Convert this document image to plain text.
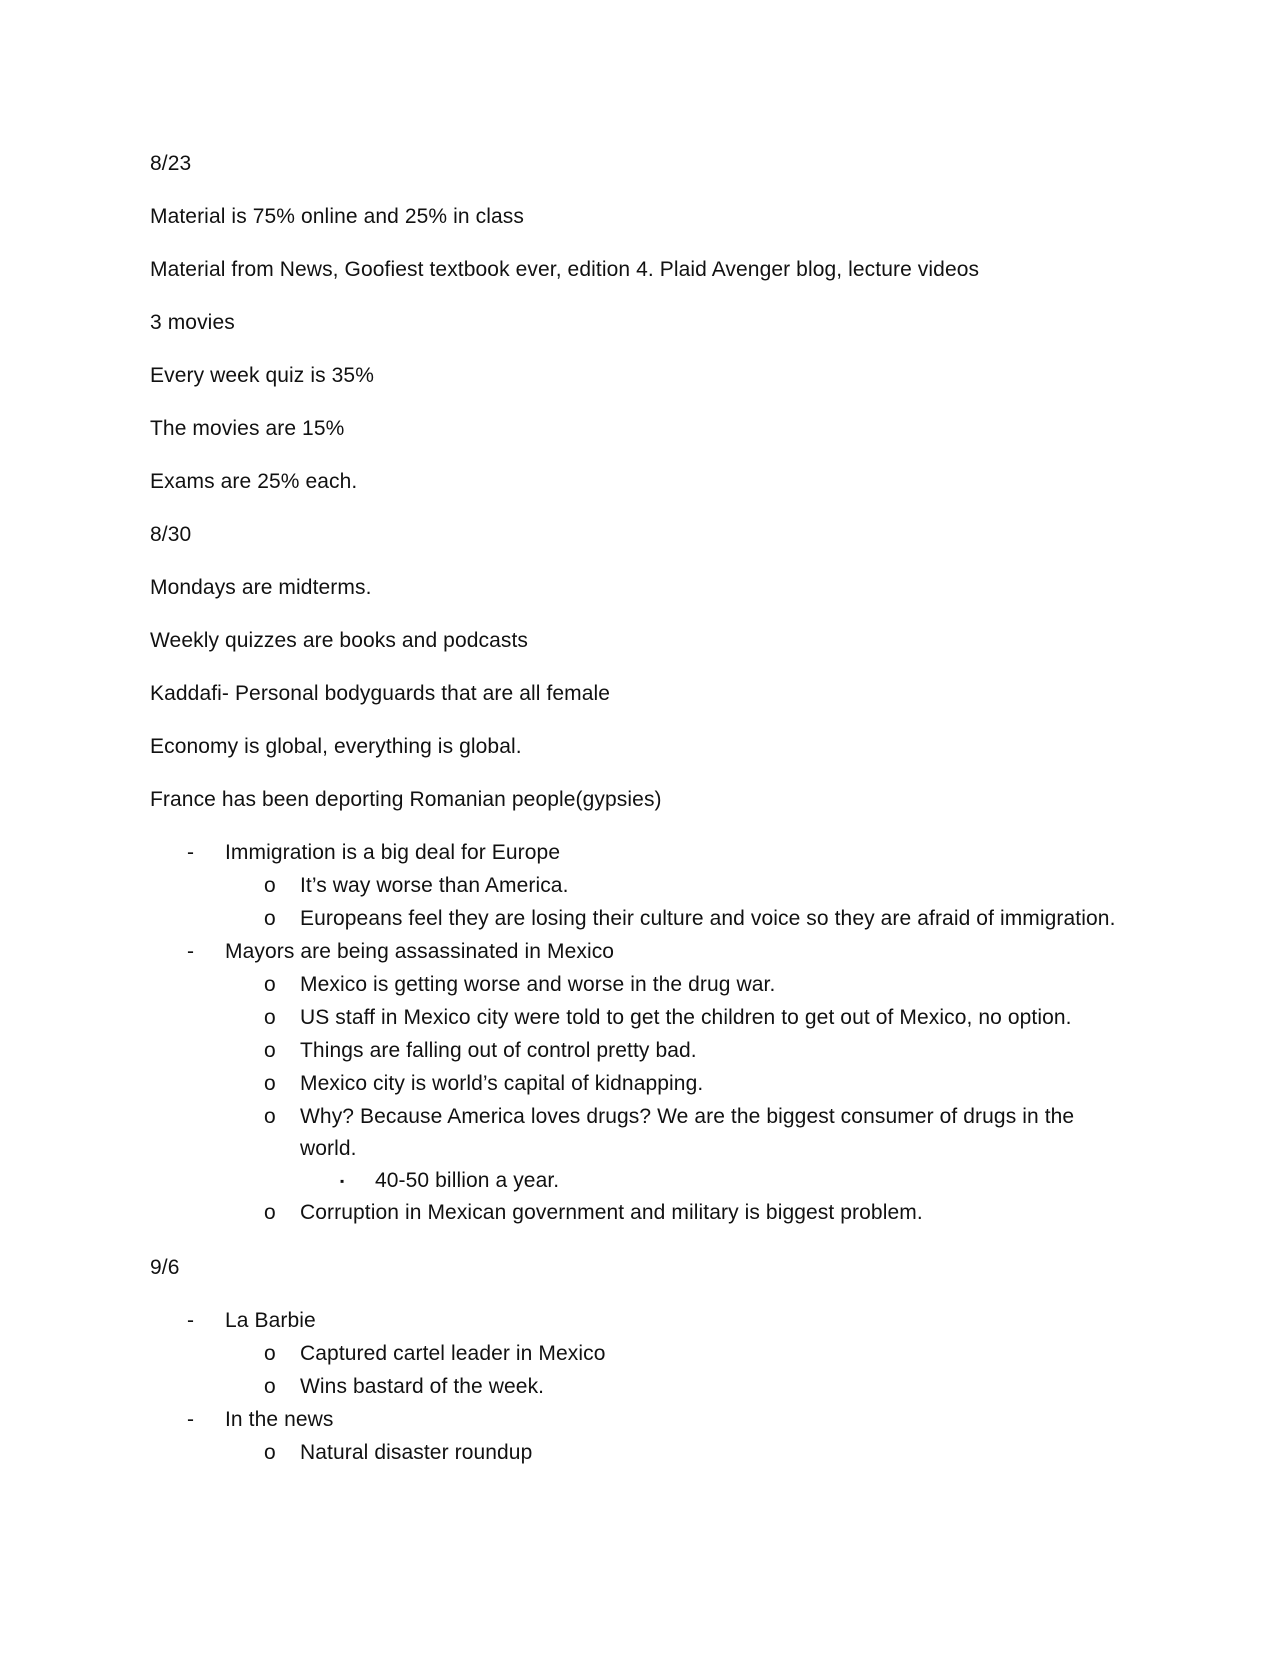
8/23
Material is 75% online and 25% in class
Material from News, Goofiest textbook ever, edition 4. Plaid Avenger blog, lecture videos
3 movies
Every week quiz is 35%
The movies are 15%
Exams are 25% each.
8/30
Mondays are midterms.
Weekly quizzes are books and podcasts
Kaddafi- Personal bodyguards that are all female
Economy is global, everything is global.
France has been deporting Romanian people(gypsies)
- Immigration is a big deal for Europe
o It’s way worse than America.
o Europeans feel they are losing their culture and voice so they are afraid of immigration.
- Mayors are being assassinated in Mexico
o Mexico is getting worse and worse in the drug war.
o US staff in Mexico city were told to get the children to get out of Mexico, no option.
o Things are falling out of control pretty bad.
o Mexico city is world’s capital of kidnapping.
o Why? Because America loves drugs? We are the biggest consumer of drugs in the
world.
▪ 40-50 billion a year.
o Corruption in Mexican government and military is biggest problem.
9/6
- La Barbie
o Captured cartel leader in Mexico
o Wins bastard of the week.
- In the news
o Natural disaster roundup
